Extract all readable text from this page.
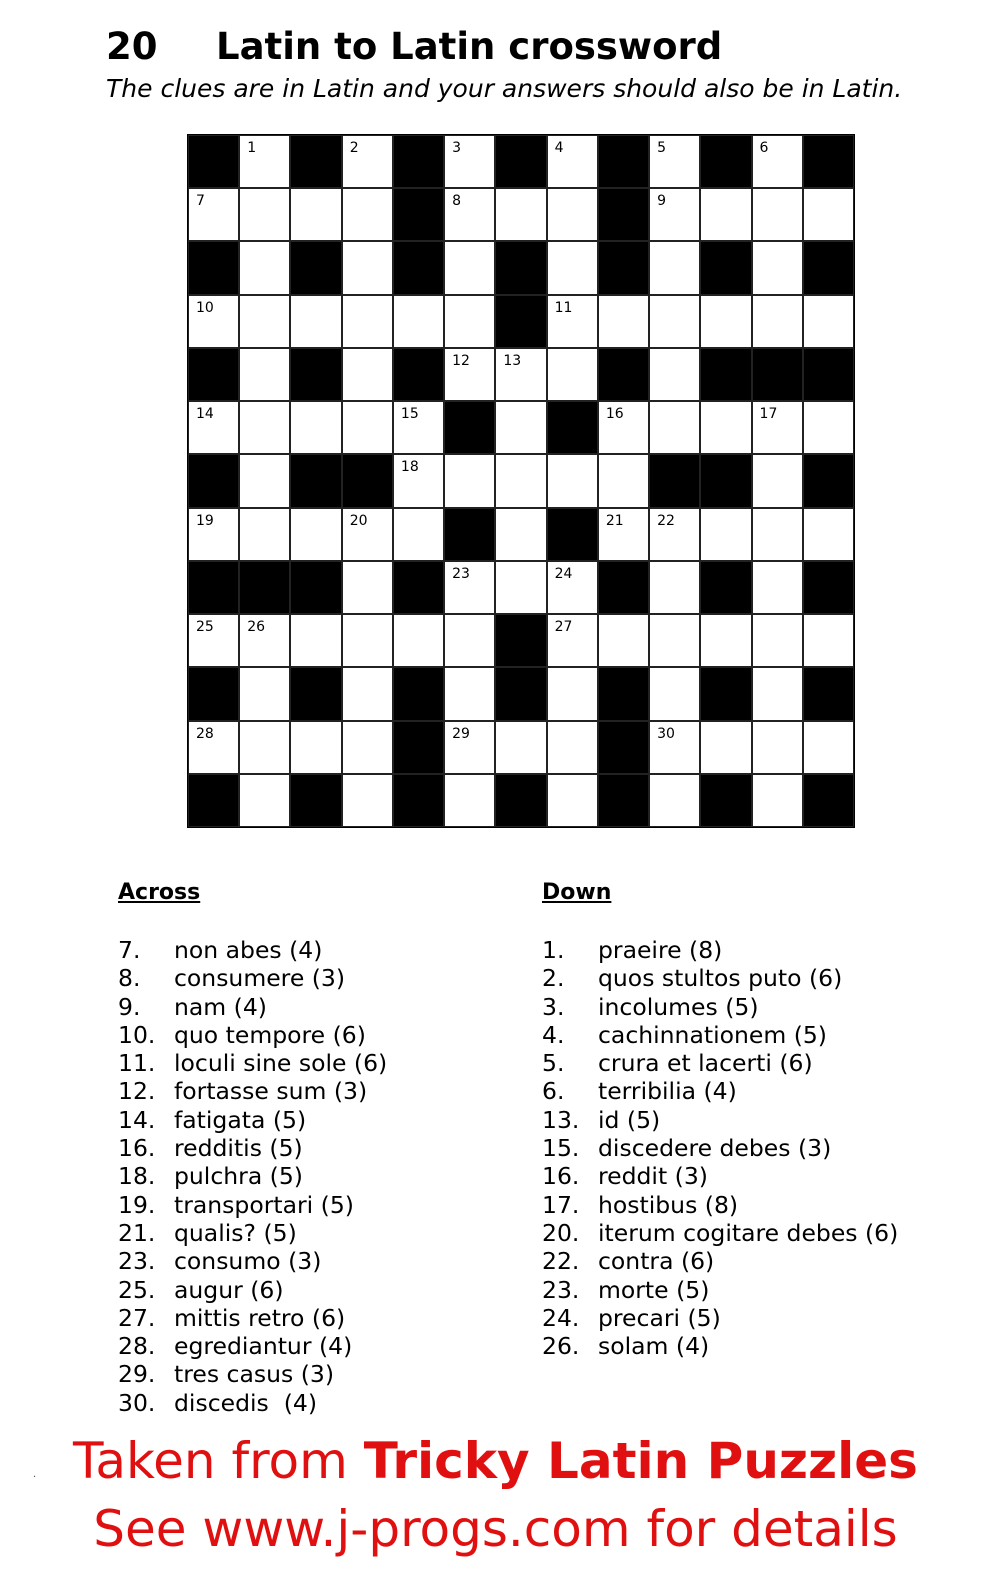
20 Latin to Latin crossword
The clues are in Latin and your answers should also be in Latin.
1	2	3	4	5	6
7	8	9
10	11
12 13
14	15	16	17
18
19	20	21 22
23	24
25 26	27
28	29	30
Across	Down
7.	non abes (4)
8.	consumere (3)
9.	nam (4)
10. quo tempore (6)
11. loculi sine sole (6)
12. fortasse sum (3)
14. fatigata (5)
16. redditis (5)
18. pulchra (5)
19. transportari (5)
21. qualis? (5)
23. consumo (3)
25. augur (6)
27. mittis retro (6)
28. egrediantur (4)
29. tres casus (3)
30. discedis  (4)
1.	praeire (8)
2.	quos stultos puto (6)
3.	incolumes (5)
4.	cachinnationem (5)
5.	crura et lacerti (6)
6.	terribilia (4)
13. id (5)
15. discedere debes (3)
16. reddit (3)
17. hostibus (8)
20. iterum cogitare debes (6)
22. contra (6)
23. morte (5)
24. precari (5)
26. solam (4)
· Taken from Tricky Latin Puzzles
See www.j-progs.com for details
